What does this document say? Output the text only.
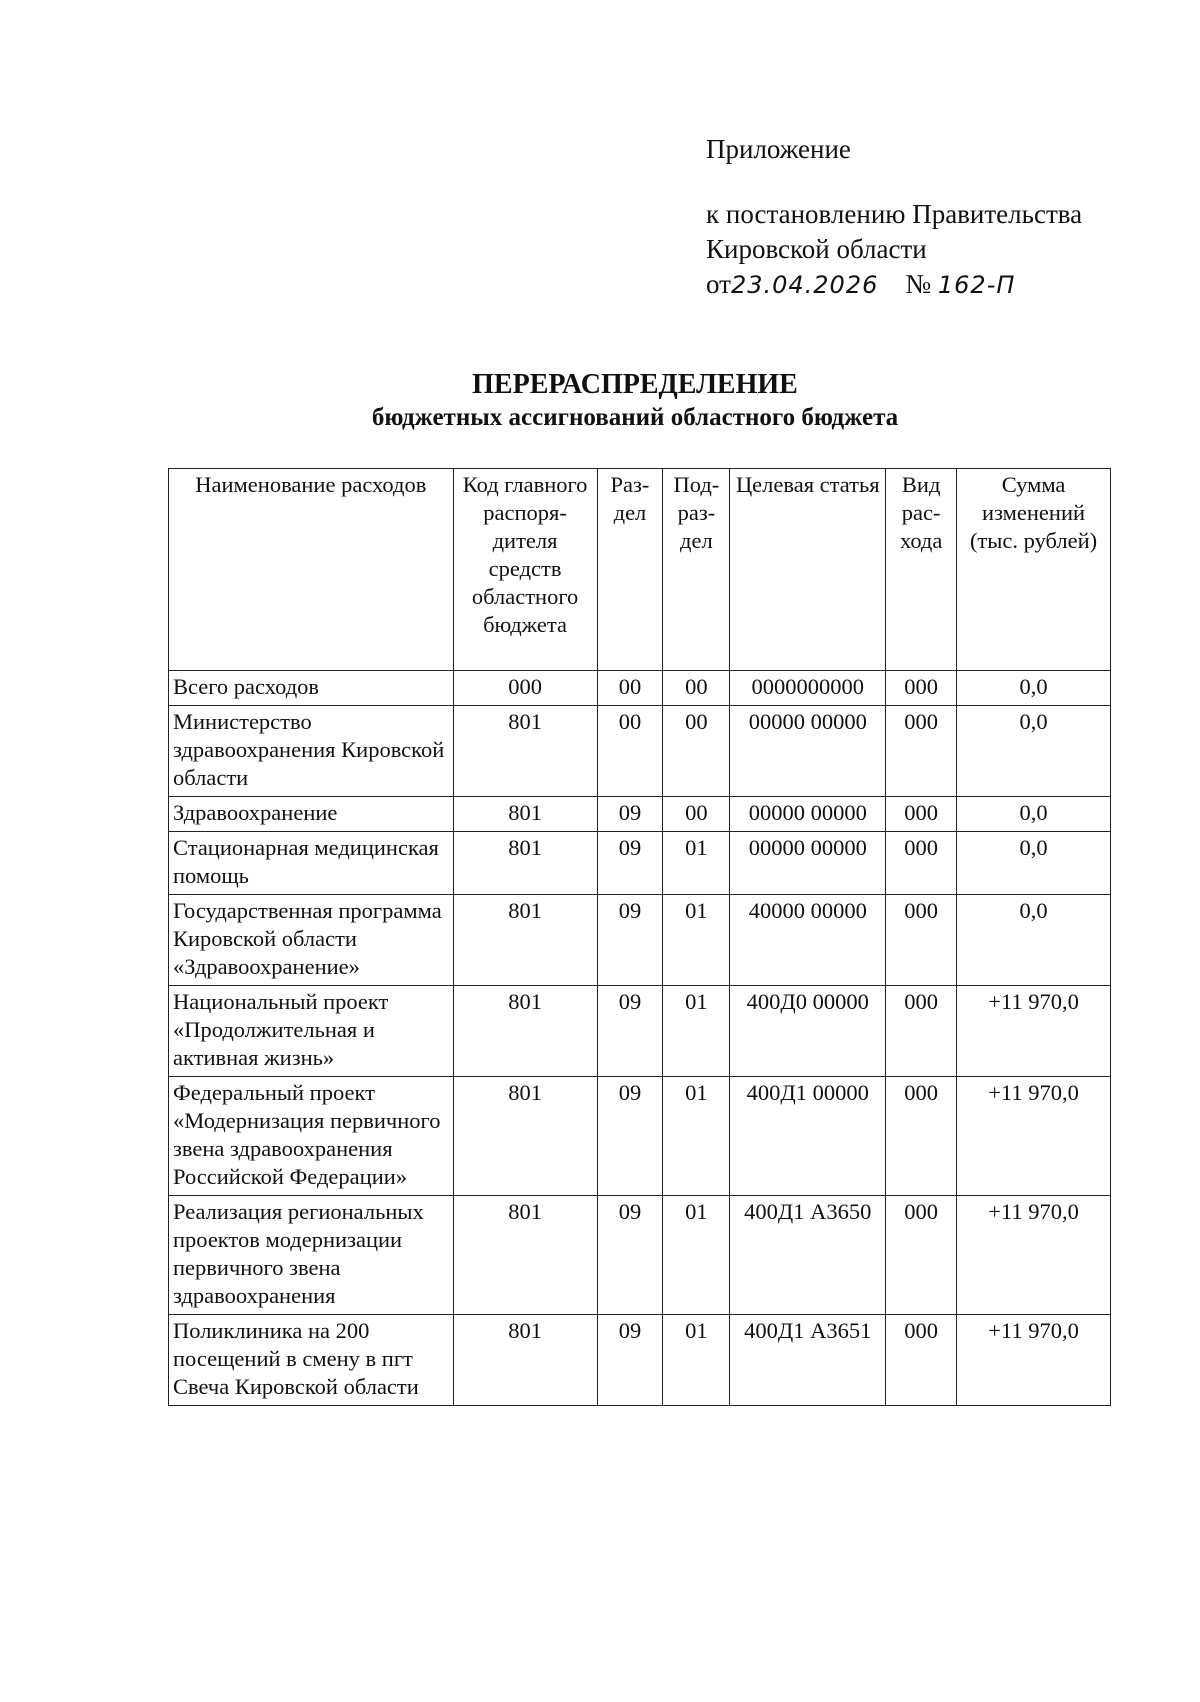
Приложение
к постановлению Правительства
Кировской области
от23.04.2026 № 162-П
ПЕРЕРАСПРЕДЕЛЕНИЕ
бюджетных ассигнований областного бюджета
Наименование расходов	Код главного распоря-дителя средств областного бюджета	Раз-дел	Под-раз-дел	Целевая статья	Вид рас-хода	Сумма изменений (тыс. рублей)
Всего расходов	000	00	00	0000000000	000	0,0
Министерство здравоохранения Кировской области	801	00	00	00000 00000	000	0,0
Здравоохранение	801	09	00	00000 00000	000	0,0
Стационарная медицинская помощь	801	09	01	00000 00000	000	0,0
Государственная программа Кировской области «Здравоохранение»	801	09	01	40000 00000	000	0,0
Национальный проект «Продолжительная и активная жизнь»	801	09	01	400Д0 00000	000	+11 970,0
Федеральный проект «Модернизация первичного звена здравоохранения Российской Федерации»	801	09	01	400Д1 00000	000	+11 970,0
Реализация региональных проектов модернизации первичного звена здравоохранения	801	09	01	400Д1 А3650	000	+11 970,0
Поликлиника на 200 посещений в смену в пгт Свеча Кировской области	801	09	01	400Д1 А3651	000	+11 970,0
